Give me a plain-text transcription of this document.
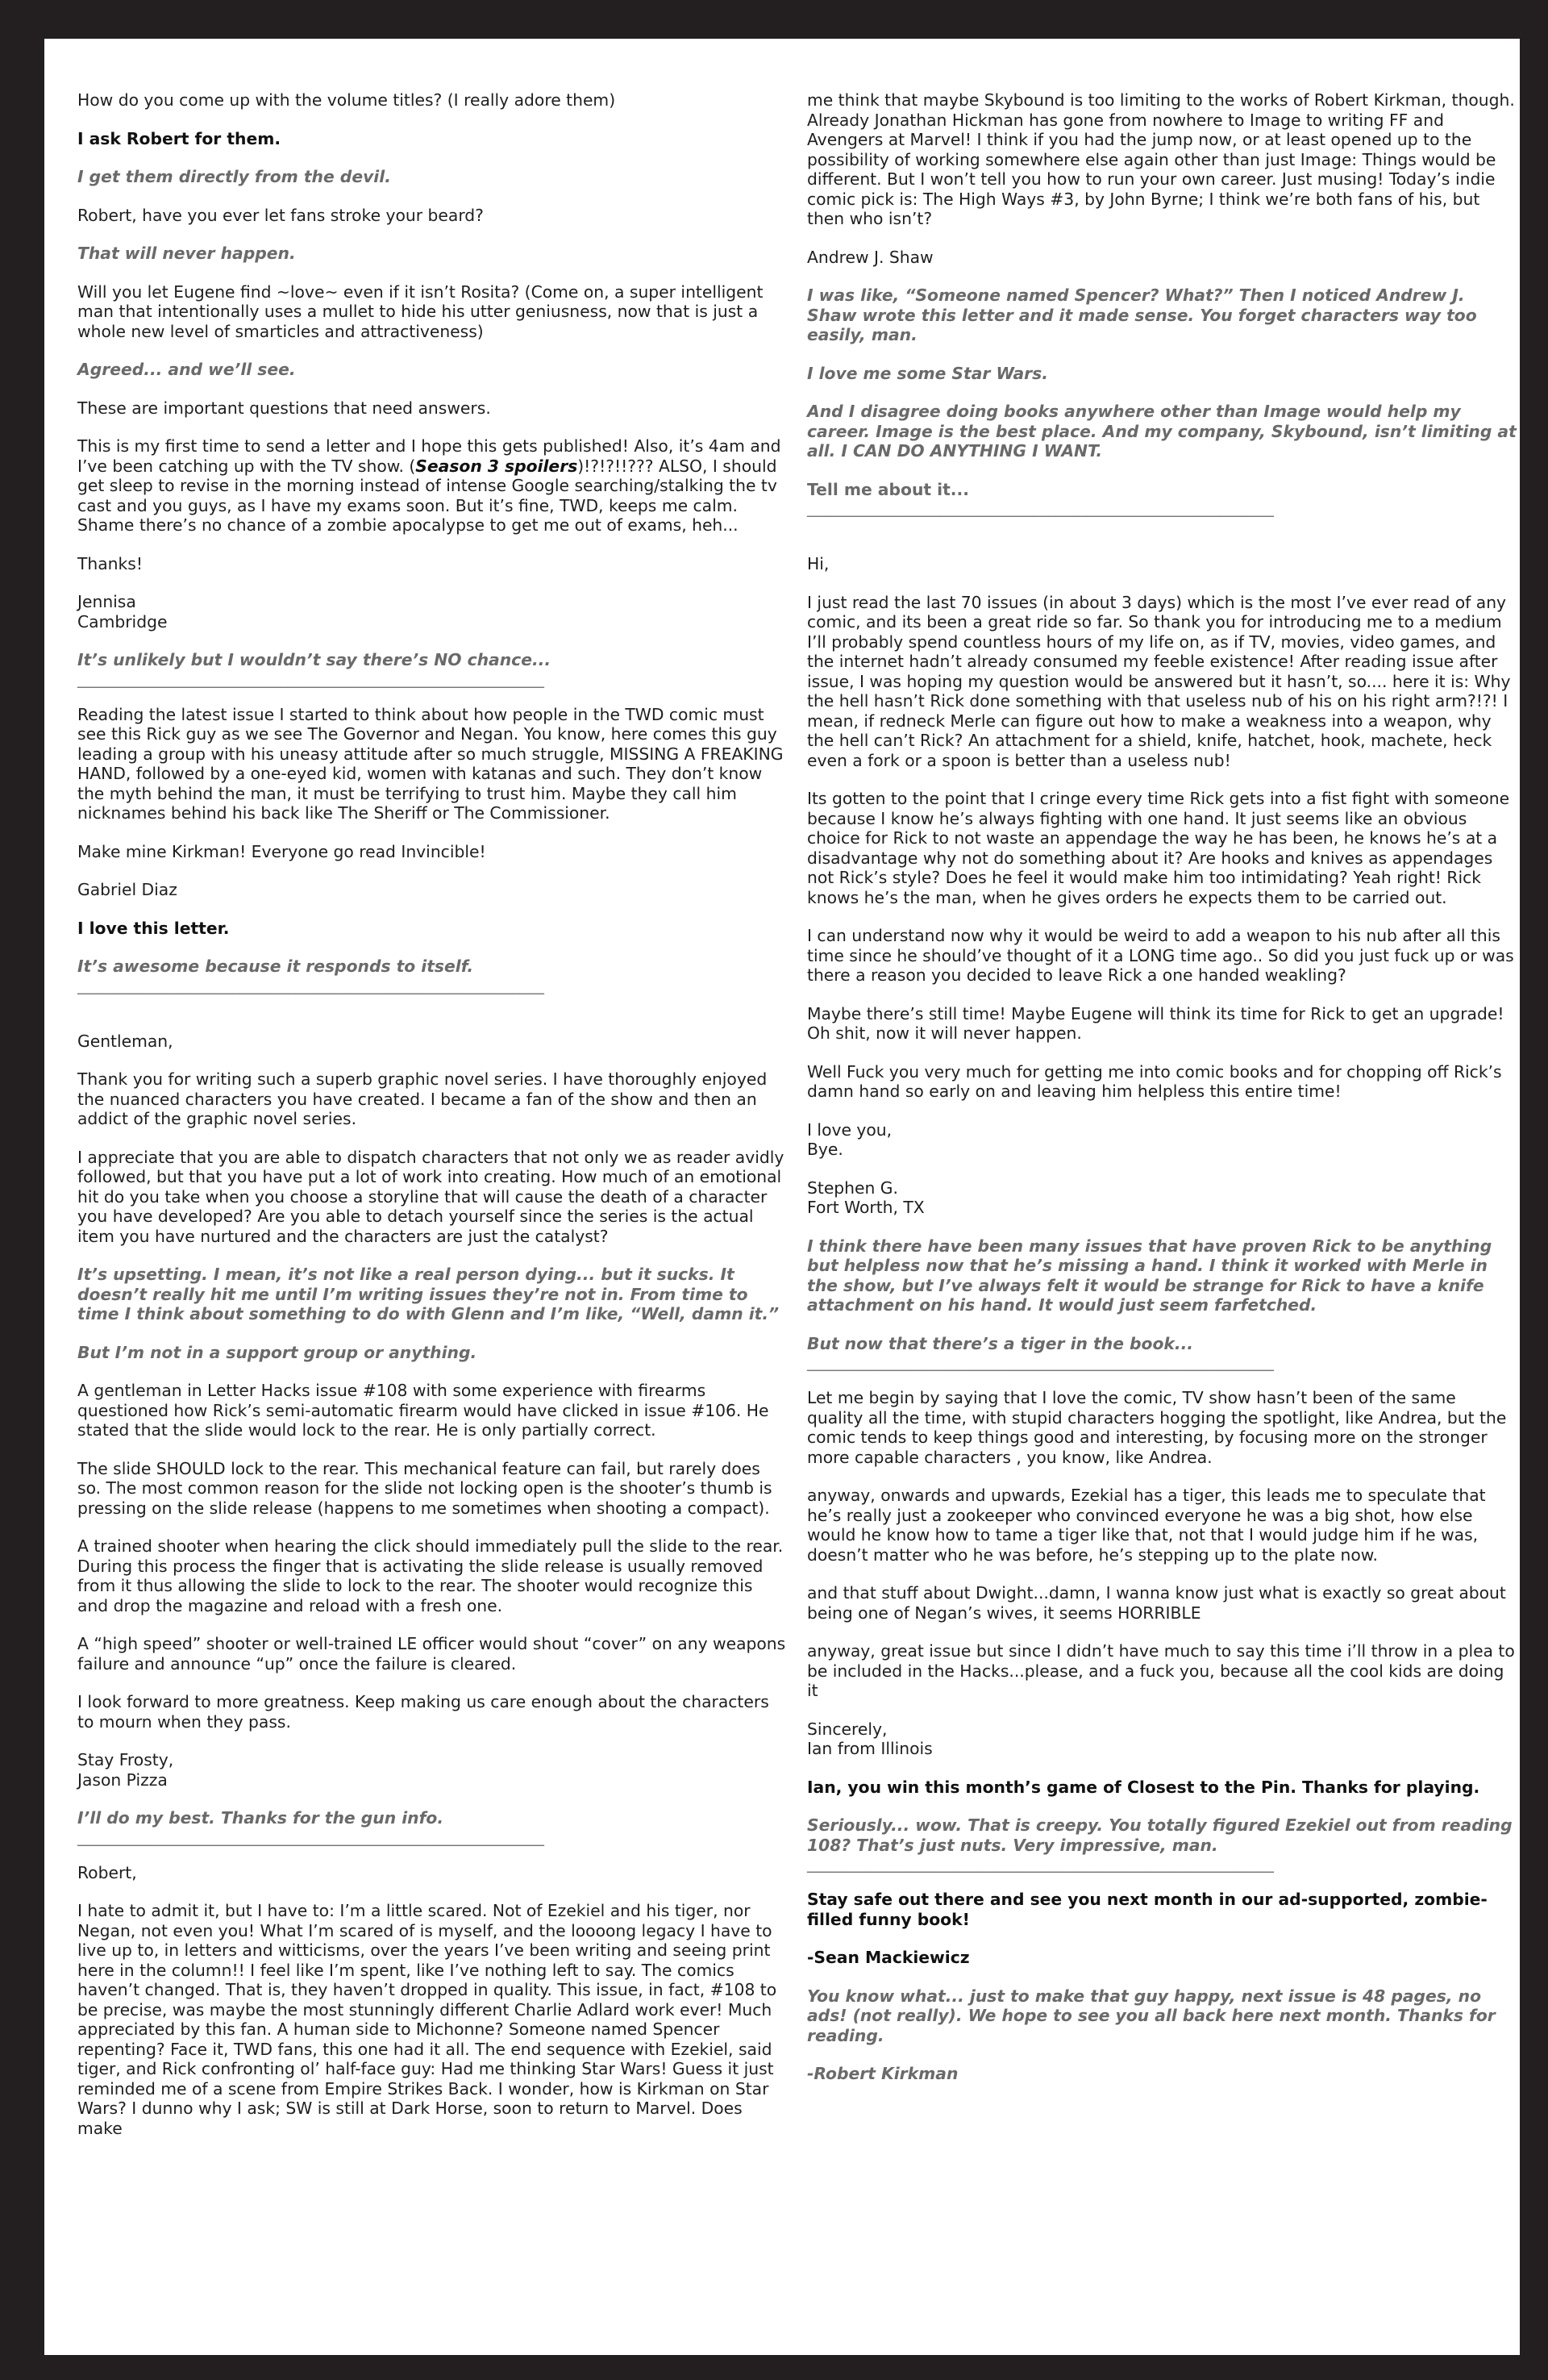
How do you come up with the volume titles? (I really adore them)

I ask Robert for them.

I get them directly from the devil.

Robert, have you ever let fans stroke your beard?

That will never happen.

Will you let Eugene find ~love~ even if it isn’t Rosita? (Come on, a super intelligent man that intentionally uses a mullet to hide his utter geniusness, now that is just a whole new level of smarticles and attractiveness)

Agreed... and we’ll see.

These are important questions that need answers.

This is my first time to send a letter and I hope this gets published! Also, it’s 4am and I’ve been catching up with the TV show. (Season 3 spoilers)!?!?!!??? ALSO, I should get sleep to revise in the morning instead of intense Google searching/stalking the tv cast and you guys, as I have my exams soon. But it’s fine, TWD, keeps me calm. Shame there’s no chance of a zombie apocalypse to get me out of exams, heh...

Thanks!

Jennisa
Cambridge

It’s unlikely but I wouldn’t say there’s NO chance...

____________________________________________________________

Reading the latest issue I started to think about how people in the TWD comic must see this Rick guy as we see The Governor and Negan. You know, here comes this guy leading a group with his uneasy attitude after so much struggle, MISSING A FREAKING HAND, followed by a one-eyed kid, women with katanas and such. They don’t know the myth behind the man, it must be terrifying to trust him. Maybe they call him nicknames behind his back like The Sheriff or The Commissioner.

Make mine Kirkman! Everyone go read Invincible!

Gabriel Diaz

I love this letter.

It’s awesome because it responds to itself.

____________________________________________________________

Gentleman,

Thank you for writing such a superb graphic novel series. I have thoroughly enjoyed the nuanced characters you have created. I became a fan of the show and then an addict of the graphic novel series.

I appreciate that you are able to dispatch characters that not only we as reader avidly followed, but that you have put a lot of work into creating. How much of an emotional hit do you take when you choose a storyline that will cause the death of a character you have developed? Are you able to detach yourself since the series is the actual item you have nurtured and the characters are just the catalyst?

It’s upsetting. I mean, it’s not like a real person dying... but it sucks. It doesn’t really hit me until I’m writing issues they’re not in. From time to time I think about something to do with Glenn and I’m like, “Well, damn it.”

But I’m not in a support group or anything.

A gentleman in Letter Hacks issue #108 with some experience with firearms questioned how Rick’s semi-automatic firearm would have clicked in issue #106. He stated that the slide would lock to the rear. He is only partially correct.

The slide SHOULD lock to the rear. This mechanical feature can fail, but rarely does so. The most common reason for the slide not locking open is the shooter’s thumb is pressing on the slide release (happens to me sometimes when shooting a compact).

A trained shooter when hearing the click should immediately pull the slide to the rear. During this process the finger that is activating the slide release is usually removed from it thus allowing the slide to lock to the rear. The shooter would recognize this and drop the magazine and reload with a fresh one.

A “high speed” shooter or well-trained LE officer would shout “cover” on any weapons failure and announce “up” once the failure is cleared.

I look forward to more greatness. Keep making us care enough about the characters to mourn when they pass.

Stay Frosty,
Jason Pizza

I’ll do my best. Thanks for the gun info.

____________________________________________________________

Robert,

I hate to admit it, but I have to: I’m a little scared. Not of Ezekiel and his tiger, nor Negan, not even you! What I’m scared of is myself, and the loooong legacy I have to live up to, in letters and witticisms, over the years I’ve been writing and seeing print here in the column!! I feel like I’m spent, like I’ve nothing left to say. The comics haven’t changed. That is, they haven’t dropped in quality. This issue, in fact, #108 to be precise, was maybe the most stunningly different Charlie Adlard work ever! Much appreciated by this fan. A human side to Michonne? Someone named Spencer repenting? Face it, TWD fans, this one had it all. The end sequence with Ezekiel, said tiger, and Rick confronting ol’ half-face guy: Had me thinking Star Wars! Guess it just reminded me of a scene from Empire Strikes Back. I wonder, how is Kirkman on Star Wars? I dunno why I ask; SW is still at Dark Horse, soon to return to Marvel. Does make

me think that maybe Skybound is too limiting to the works of Robert Kirkman, though. Already Jonathan Hickman has gone from nowhere to Image to writing FF and Avengers at Marvel! I think if you had the jump now, or at least opened up to the possibility of working somewhere else again other than just Image: Things would be different. But I won’t tell you how to run your own career. Just musing! Today’s indie comic pick is: The High Ways #3, by John Byrne; I think we’re both fans of his, but then who isn’t?

Andrew J. Shaw

I was like, “Someone named Spencer? What?” Then I noticed Andrew J. Shaw wrote this letter and it made sense. You forget characters way too easily, man.

I love me some Star Wars.

And I disagree doing books anywhere other than Image would help my career. Image is the best place. And my company, Skybound, isn’t limiting at all. I CAN DO ANYTHING I WANT.

Tell me about it...

____________________________________________________________

Hi,

I just read the last 70 issues (in about 3 days) which is the most I’ve ever read of any comic, and its been a great ride so far. So thank you for introducing me to a medium I’ll probably spend countless hours of my life on, as if TV, movies, video games, and the internet hadn’t already consumed my feeble existence! After reading issue after issue, I was hoping my question would be answered but it hasn’t, so.... here it is: Why the hell hasn’t Rick done something with that useless nub of his on his right arm?!?! I mean, if redneck Merle can figure out how to make a weakness into a weapon, why the hell can’t Rick? An attachment for a shield, knife, hatchet, hook, machete, heck even a fork or a spoon is better than a useless nub!

Its gotten to the point that I cringe every time Rick gets into a fist fight with someone because I know he’s always fighting with one hand. It just seems like an obvious choice for Rick to not waste an appendage the way he has been, he knows he’s at a disadvantage why not do something about it? Are hooks and knives as appendages not Rick’s style? Does he feel it would make him too intimidating? Yeah right! Rick knows he’s the man, when he gives orders he expects them to be carried out.

I can understand now why it would be weird to add a weapon to his nub after all this time since he should’ve thought of it a LONG time ago.. So did you just fuck up or was there a reason you decided to leave Rick a one handed weakling?

Maybe there’s still time! Maybe Eugene will think its time for Rick to get an upgrade! Oh shit, now it will never happen.

Well Fuck you very much for getting me into comic books and for chopping off Rick’s damn hand so early on and leaving him helpless this entire time!

I love you,
Bye.

Stephen G.
Fort Worth, TX

I think there have been many issues that have proven Rick to be anything but helpless now that he’s missing a hand. I think it worked with Merle in the show, but I’ve always felt it would be strange for Rick to have a knife attachment on his hand. It would just seem farfetched.

But now that there’s a tiger in the book...

____________________________________________________________

Let me begin by saying that I love the comic, TV show hasn’t been of the same quality all the time, with stupid characters hogging the spotlight, like Andrea, but the comic tends to keep things good and interesting, by focusing more on the stronger more capable characters , you know, like Andrea.

anyway, onwards and upwards, Ezekial has a tiger, this leads me to speculate that he’s really just a zookeeper who convinced everyone he was a big shot, how else would he know how to tame a tiger like that, not that I would judge him if he was, doesn’t matter who he was before, he’s stepping up to the plate now.

and that stuff about Dwight...damn, I wanna know just what is exactly so great about being one of Negan’s wives, it seems HORRIBLE

anyway, great issue but since I didn’t have much to say this time i’ll throw in a plea to be included in the Hacks...please, and a fuck you, because all the cool kids are doing it

Sincerely,
Ian from Illinois

Ian, you win this month’s game of Closest to the Pin. Thanks for playing.

Seriously... wow. That is creepy. You totally figured Ezekiel out from reading 108? That’s just nuts. Very impressive, man.

____________________________________________________________

Stay safe out there and see you next month in our ad-supported, zombie-filled funny book!

-Sean Mackiewicz

You know what... just to make that guy happy, next issue is 48 pages, no ads! (not really). We hope to see you all back here next month. Thanks for reading.

-Robert Kirkman
